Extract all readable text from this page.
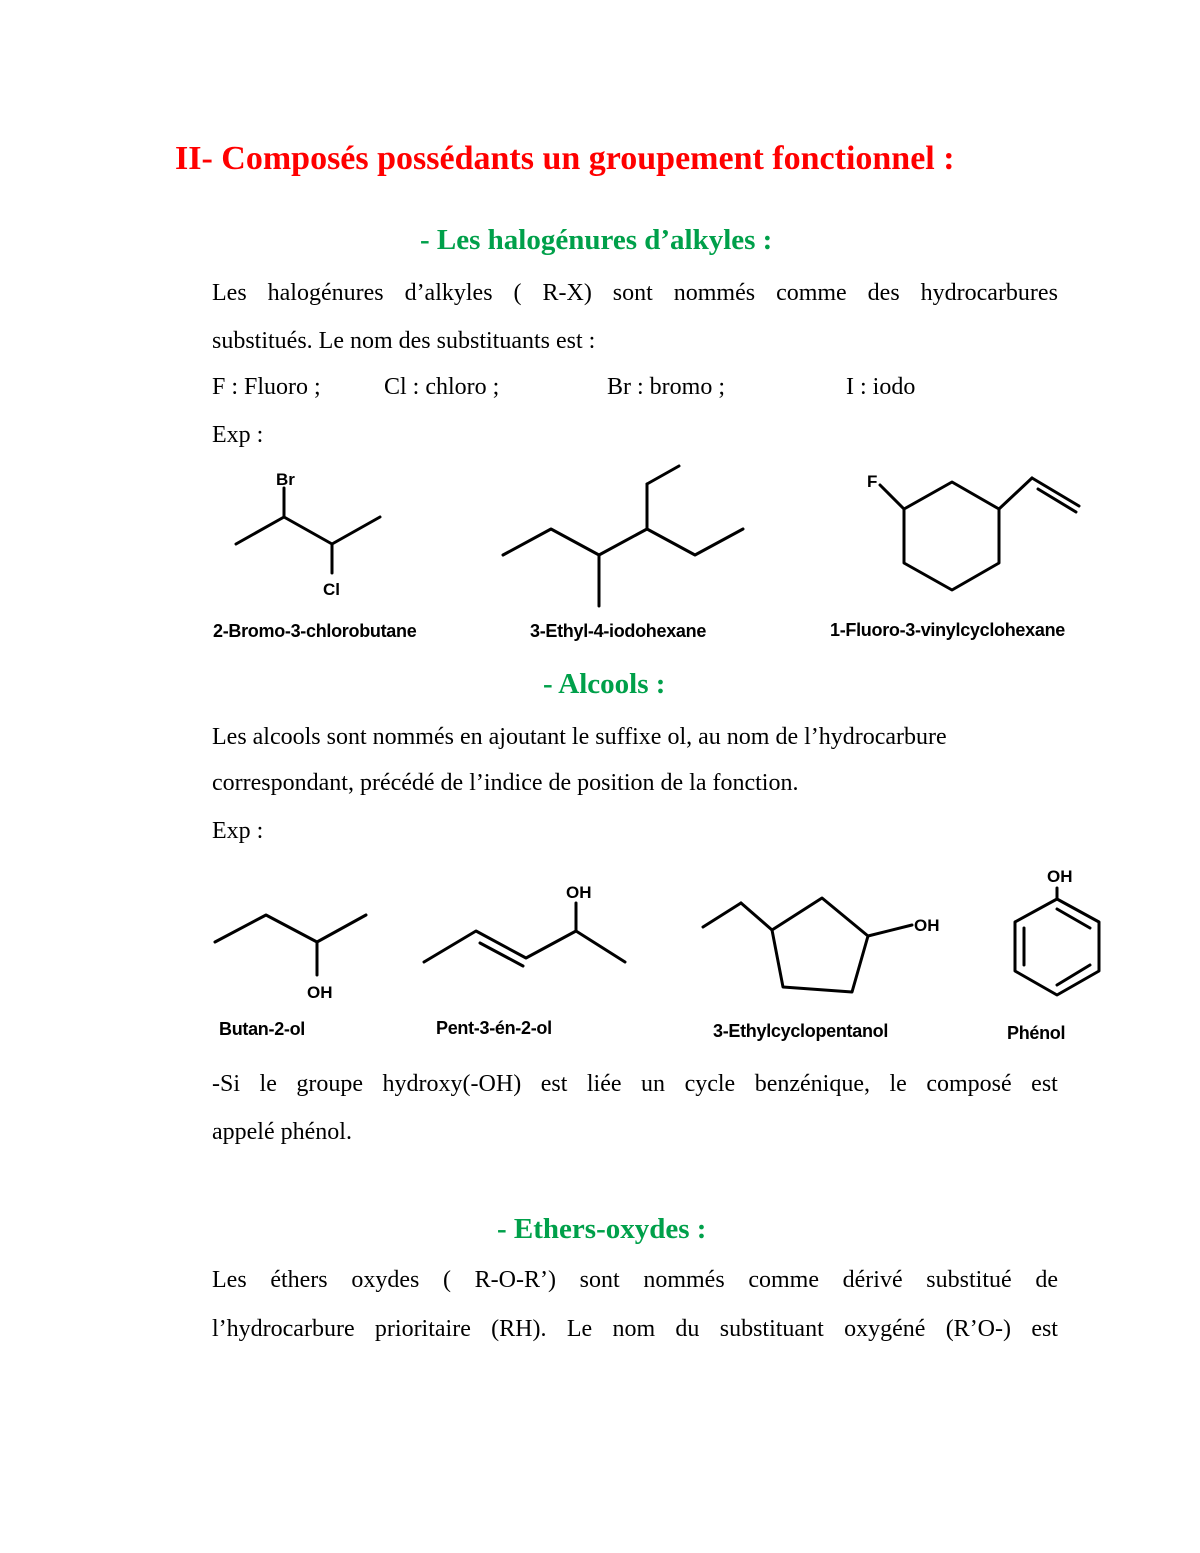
II- Composés possédants un groupement fonctionnel :
- Les halogénures d’alkyles :
Les halogénures d’alkyles ( R-X) sont nommés comme des hydrocarbures
substitués. Le nom des substituants est :
F : Fluoro ;	Cl : chloro ;	Br : bromo ;	I : iodo
Exp :
Br
Cl
F
OH
OH
OH
OH
2-Bromo-3-chlorobutane	3-Ethyl-4-iodohexane	1-Fluoro-3-vinylcyclohexane
- Alcools :
Les alcools sont nommés en ajoutant le suffixe ol, au nom de l’hydrocarbure
correspondant, précédé de l’indice de position de la fonction.
Exp :
Butan-2-ol	Pent-3-én-2-ol	3-Ethylcyclopentanol	Phénol
-Si le groupe hydroxy(-OH) est liée un cycle benzénique, le composé est
appelé phénol.
- Ethers-oxydes :
Les éthers oxydes ( R-O-R’) sont nommés comme dérivé substitué de
l’hydrocarbure prioritaire (RH). Le nom du substituant oxygéné (R’O-) est
